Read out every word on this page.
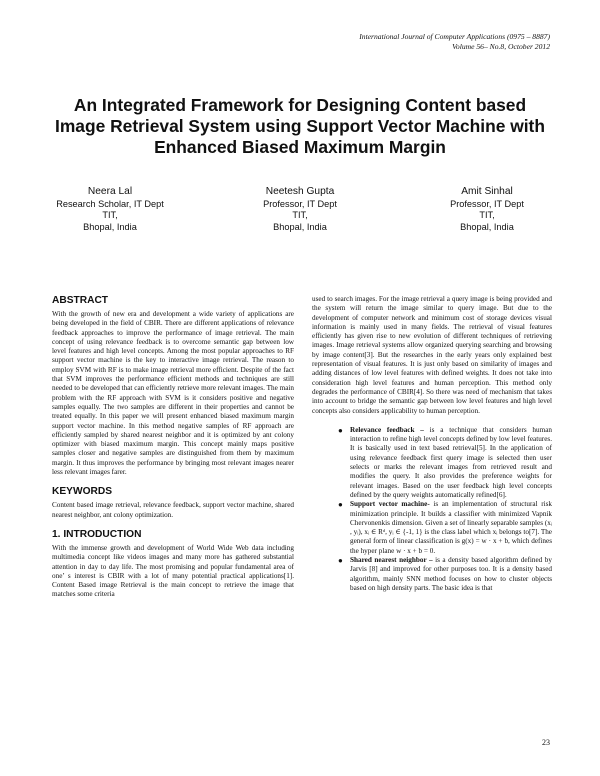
International Journal of Computer Applications (0975 – 8887)
Volume 56– No.8, October 2012
An Integrated Framework for Designing Content based Image Retrieval System using Support Vector Machine with Enhanced Biased Maximum Margin
Neera Lal
Research Scholar, IT Dept
TIT,
Bhopal, India
Neetesh Gupta
Professor, IT Dept
TIT,
Bhopal, India
Amit Sinhal
Professor, IT Dept
TIT,
Bhopal, India
ABSTRACT

With the growth of new era and development a wide variety of applications are being developed in the field of CBIR. There are different applications of relevance feedback approaches to improve the performance of image retrieval. The main concept of using relevance feedback is to overcome semantic gap between low level features and high level concepts. Among the most popular approaches to RF support vector machine is the key to interactive image retrieval. The reason to employ SVM with RF is to make image retrieval more efficient. Despite of the fact that SVM improves the performance efficient methods and techniques are still needed to be developed that can efficiently retrieve more relevant images. The main problem with the RF approach with SVM is it considers positive and negative samples equally. The two samples are different in their properties and cannot be treated equally. In this paper we will present enhanced biased maximum margin support vector machine. In this method negative samples of RF approach are efficiently sampled by shared nearest neighbor and it is optimized by ant colony optimizer with biased maximum margin. This concept mainly maps positive samples closer and negative samples are distinguished from them by maximum margin. It thus improves the performance by bringing most relevant images nearer less relevant images farer.

KEYWORDS

Content based image retrieval, relevance feedback, support vector machine, shared nearest neighbor, ant colony optimization.

1. INTRODUCTION

With the immense growth and development of World Wide Web data including multimedia concept like videos images and many more has gathered substantial attention in day to day life. The most promising and popular fundamental area of one’ s interest is CBIR with a lot of many potential practical applications[1]. Content Based image Retrieval is the main concept to retrieve the image that matches some criteria

used to search images. For the image retrieval a query image is being provided and the system will return the image similar to query image. But due to the development of computer network and minimum cost of storage devices visual information is mainly used in many fields. The retrieval of visual features efficiently has given rise to new evolution of different techniques of retrieving images. Image retrieval systems allow organized querying searching and browsing by image content[3]. But the researches in the early years only explained best representation of visual features. It is just only based on similarity of images and adding distances of low level features with defined weights. It does not take into consideration high level features and human perception. This method only degrades the performance of CBIR[4]. So there was need of mechanism that takes into account to bridge the semantic gap between low level features and high level concepts also considers applicability to human perception.

● Relevance feedback – is a technique that considers human interaction to refine high level concepts defined by low level features. It is basically used in text based retrieval[5]. In the application of using relevance feedback first query image is selected then user selects or marks the relevant images from retrieved result and modifies the query. It also provides the preference weights for relevant images. Based on the user feedback high level concepts defined by the query weights automatically refined[6].
● Support vector machine- is an implementation of structural risk minimization principle. It builds a classifier with minimized Vapnik Chervonenkis dimension. Given a set of linearly separable samples (xᵢ , yᵢ), xᵢ ∈ Rᵈ, yᵢ ∈ {-1, 1} is the class label which xᵢ belongs to[7]. The general form of linear classification is g(x) = w · x + b, which defines the hyper plane w · x + b = 0.
● Shared nearest neighbor – is a density based algorithm defined by Jarvis [8] and improved for other purposes too. It is a density based algorithm, mainly SNN method focuses on how to cluster objects based on high density parts. The basic idea is that
23
